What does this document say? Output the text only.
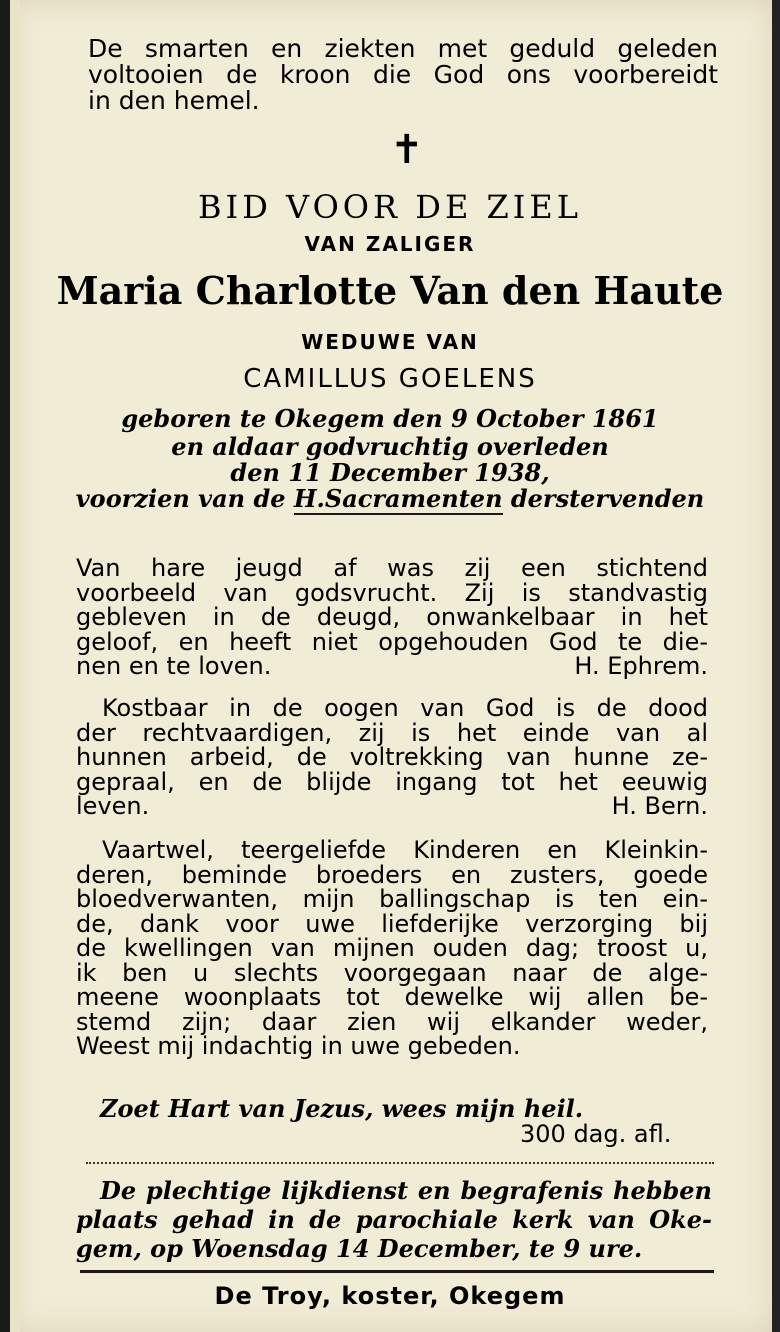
De smarten en ziekten met geduld geleden
voltooien de kroon die God ons voorbereidt
in den hemel.
✝
BID VOOR DE ZIEL
VAN ZALIGER
Maria Charlotte Van den Haute
WEDUWE VAN
CAMILLUS GOELENS
geboren te Okegem den 9 October 1861
en aldaar godvruchtig overleden
den 11 December 1938,
voorzien van de H.Sacramenten derstervenden
Van hare jeugd af was zij een stichtend
voorbeeld van godsvrucht. Zij is standvastig
gebleven in de deugd, onwankelbaar in het
geloof, en heeft niet opgehouden God te die-
nen en te loven.	H. Ephrem.
Kostbaar in de oogen van God is de dood
der rechtvaardigen, zij is het einde van al
hunnen arbeid, de voltrekking van hunne ze-
gepraal, en de blijde ingang tot het eeuwig
leven.	H. Bern.
Vaartwel, teergeliefde Kinderen en Kleinkin-
deren, beminde broeders en zusters, goede
bloedverwanten, mijn ballingschap is ten ein-
de, dank voor uwe liefderijke verzorging bij
de kwellingen van mijnen ouden dag; troost u,
ik ben u slechts voorgegaan naar de alge-
meene woonplaats tot dewelke wij allen be-
stemd zijn; daar zien wij elkander weder,
Weest mij indachtig in uwe gebeden.
Zoet Hart van Jezus, wees mijn heil.
300 dag. afl.
De plechtige lijkdienst en begrafenis hebben
plaats gehad in de parochiale kerk van Oke-
gem, op Woensdag 14 December, te 9 ure.
De Troy, koster, Okegem
